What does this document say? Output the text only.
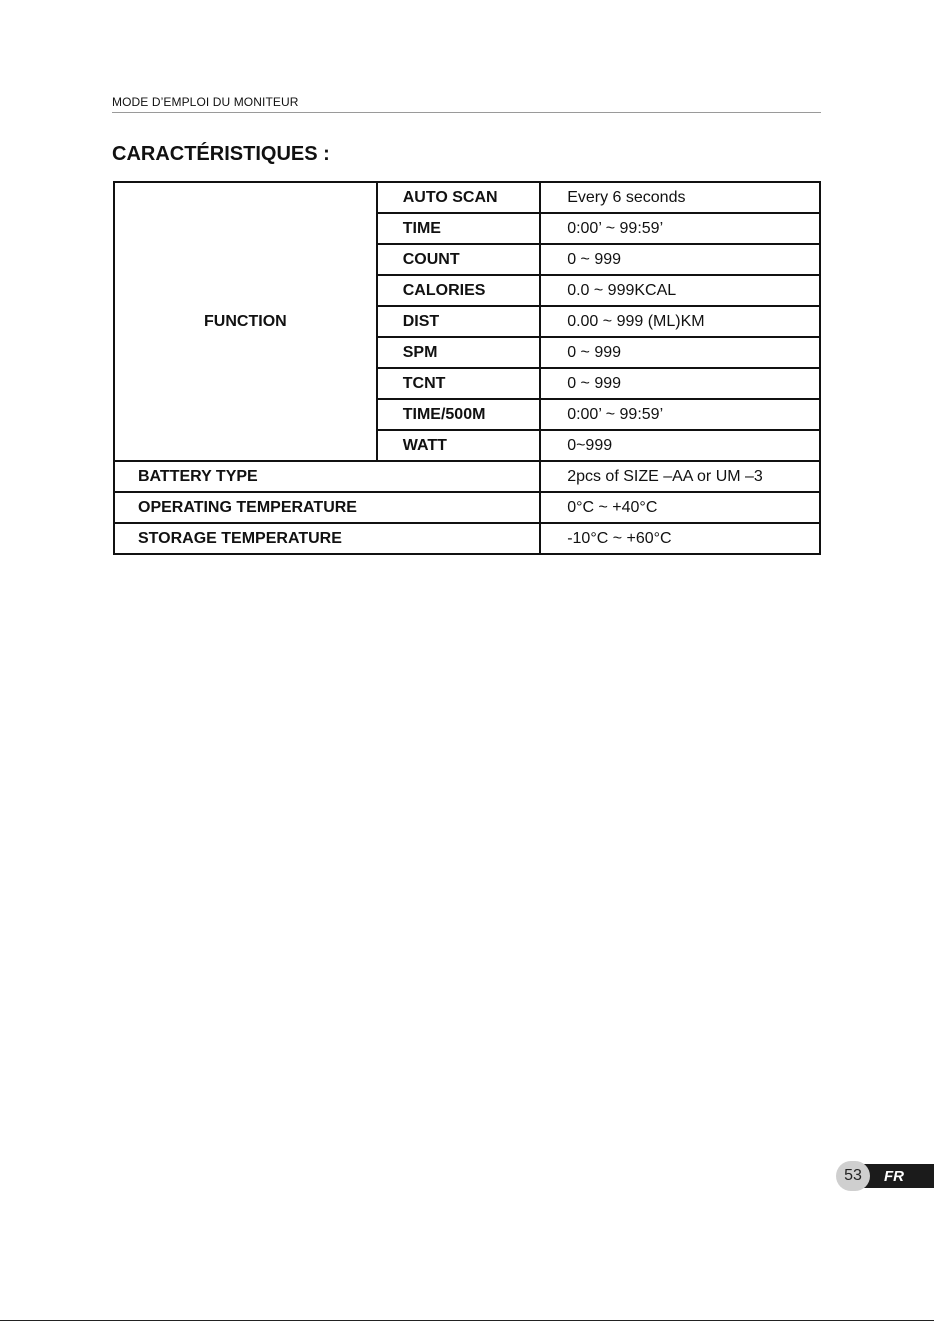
MODE D’EMPLOI DU MONITEUR
CARACTÉRISTIQUES :
FUNCTION	AUTO SCAN	Every 6 seconds
	TIME	0:00’ ~ 99:59’
	COUNT	0 ~ 999
	CALORIES	0.0 ~ 999KCAL
	DIST	0.00 ~ 999 (ML)KM
	SPM	0 ~ 999
	TCNT	0 ~ 999
	TIME/500M	0:00’ ~ 99:59’
	WATT	0~999
BATTERY TYPE		2pcs of SIZE –AA or UM –3
OPERATING TEMPERATURE		0°C ~ +40°C
STORAGE TEMPERATURE		-10°C ~ +60°C
FR
53
